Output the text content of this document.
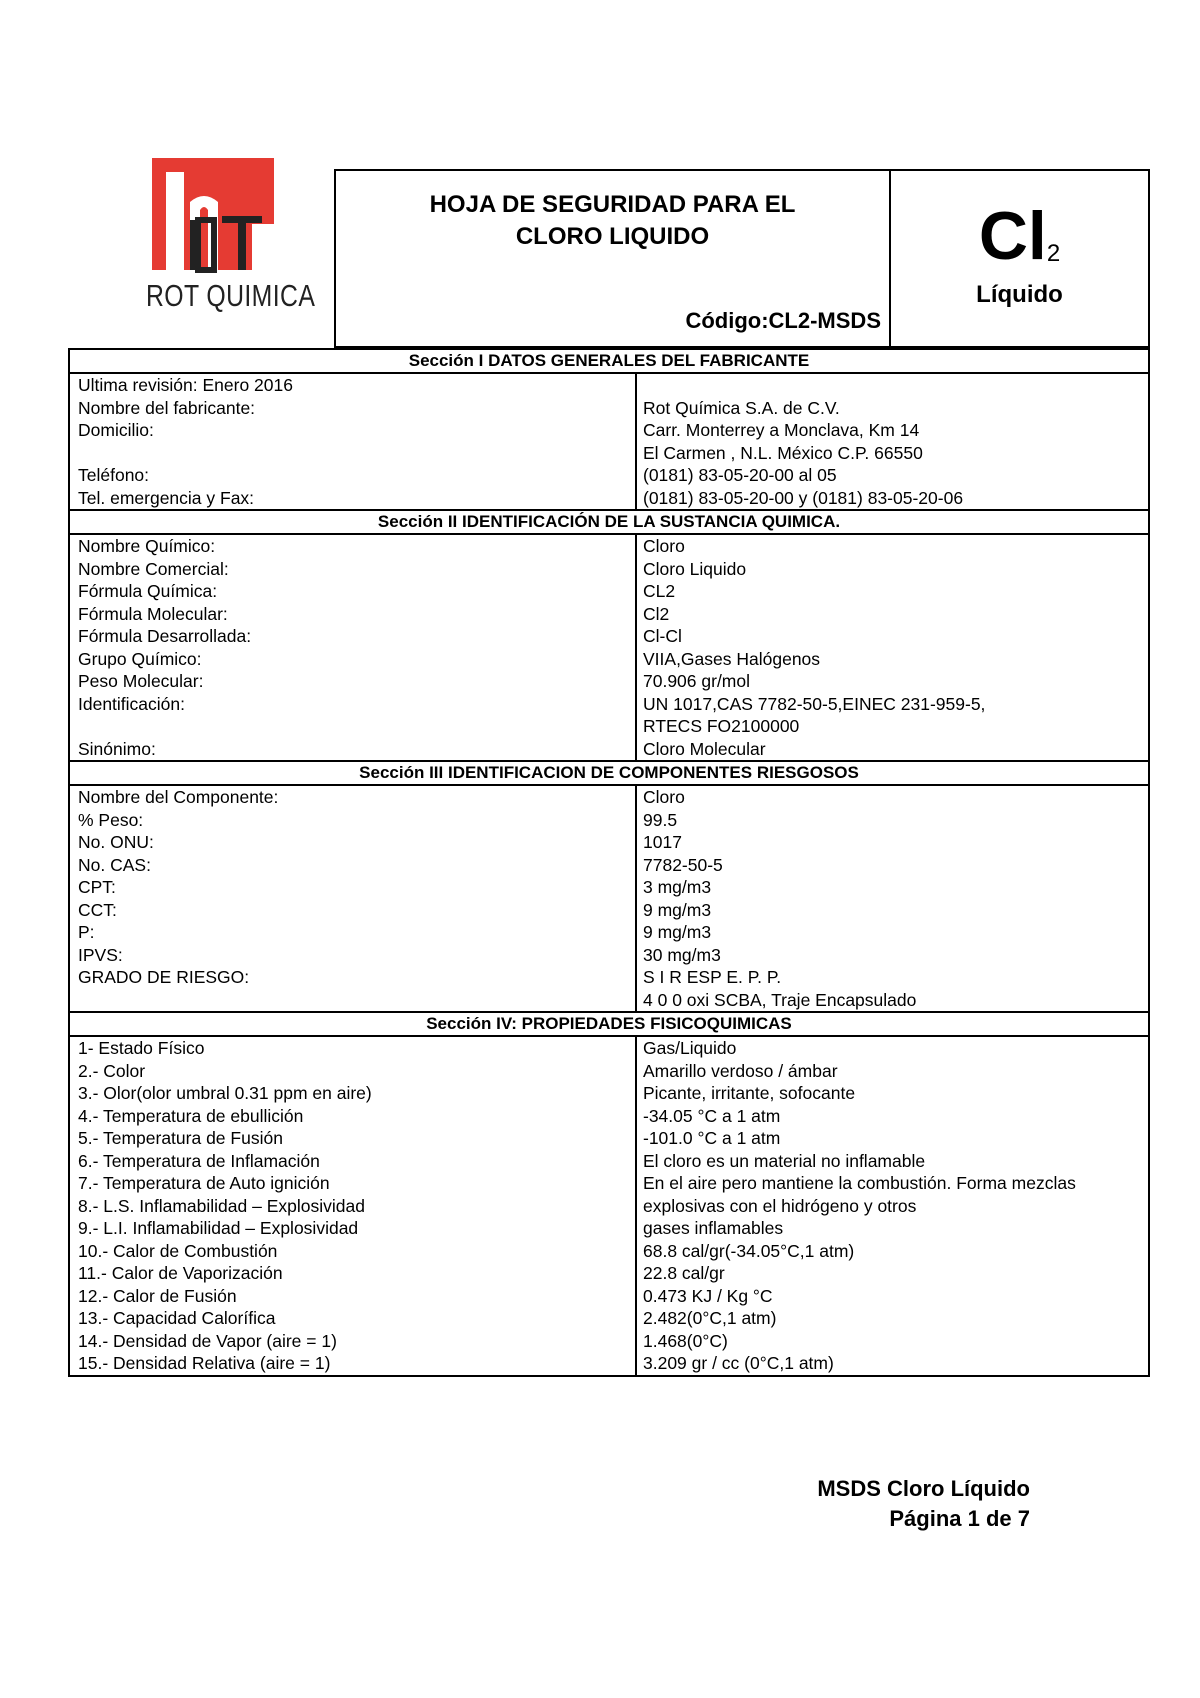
ROT QUIMICA
HOJA DE SEGURIDAD PARA EL
CLORO LIQUIDO
Código:CL2-MSDS
$Cl_2$
Líquido
Sección I DATOS GENERALES DEL FABRICANTE
Ultima revisión: Enero 2016
Nombre del fabricante:	Rot Química S.A. de C.V.
Domicilio:	Carr. Monterrey a Monclava, Km 14
El Carmen , N.L. México C.P. 66550
Teléfono:	(0181) 83-05-20-00 al 05
Tel. emergencia y Fax:	(0181) 83-05-20-00 y (0181) 83-05-20-06
Sección II IDENTIFICACIÓN DE LA SUSTANCIA QUIMICA.
Nombre Químico:	Cloro
Nombre Comercial:	Cloro Liquido
Fórmula Química:	CL2
Fórmula Molecular:	Cl2
Fórmula Desarrollada:	Cl-Cl
Grupo Químico:	VIIA,Gases Halógenos
Peso Molecular:	70.906 gr/mol
Identificación:	UN 1017,CAS 7782-50-5,EINEC 231-959-5,
RTECS FO2100000
Sinónimo:	Cloro Molecular
Sección III IDENTIFICACION DE COMPONENTES RIESGOSOS
Nombre del Componente:	Cloro
% Peso:	99.5
No. ONU:	1017
No. CAS:	7782-50-5
CPT:	3 mg/m3
CCT:	9 mg/m3
P:	9 mg/m3
IPVS:	30 mg/m3
GRADO DE RIESGO:	S I R ESP E. P. P.
4 0 0 oxi SCBA, Traje Encapsulado
Sección IV: PROPIEDADES FISICOQUIMICAS
1- Estado Físico	Gas/Liquido
2.- Color	Amarillo verdoso / ámbar
3.- Olor(olor umbral 0.31 ppm en aire)	Picante, irritante, sofocante
4.- Temperatura de ebullición	-34.05 °C a 1 atm
5.- Temperatura de Fusión	-101.0 °C a 1 atm
6.- Temperatura de Inflamación	El cloro es un material no inflamable
7.- Temperatura de Auto ignición	En el aire pero mantiene la combustión. Forma mezclas
8.- L.S. Inflamabilidad – Explosividad	explosivas con el hidrógeno y otros
9.- L.I. Inflamabilidad – Explosividad	gases inflamables
10.- Calor de Combustión	68.8 cal/gr(-34.05°C,1 atm)
11.- Calor de Vaporización	22.8 cal/gr
12.- Calor de Fusión	0.473 KJ / Kg °C
13.- Capacidad Calorífica	2.482(0°C,1 atm)
14.- Densidad de Vapor (aire = 1)	1.468(0°C)
15.- Densidad Relativa (aire = 1)	3.209 gr / cc (0°C,1 atm)
MSDS Cloro Líquido
Página 1 de 7
